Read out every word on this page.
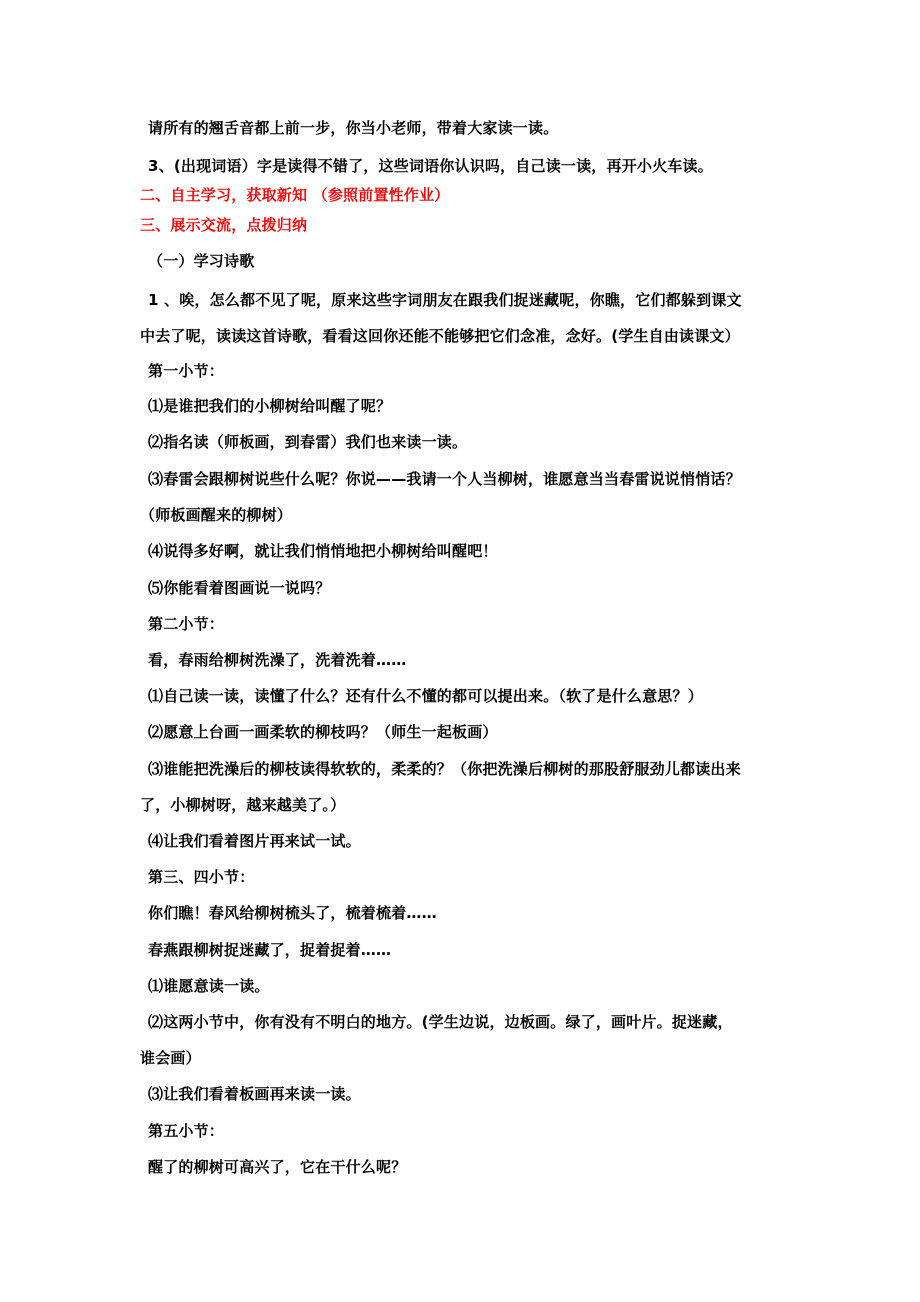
请所有的翘舌音都上前一步，你当小老师，带着大家读一读。
3、(出现词语）字是读得不错了，这些词语你认识吗，自己读一读，再开小火车读。
二、自主学习，获取新知 （参照前置性作业）
三、展示交流，点拨归纳
（一）学习诗歌
1 、唉，怎么都不见了呢，原来这些字词朋友在跟我们捉迷藏呢，你瞧，它们都躲到课文
中去了呢，读读这首诗歌，看看这回你还能不能够把它们念准，念好。(学生自由读课文）
第一小节：
⑴是谁把我们的小柳树给叫醒了呢？
⑵指名读（师板画，到春雷）我们也来读一读。
⑶春雷会跟柳树说些什么呢？你说——我请一个人当柳树，谁愿意当当春雷说说悄悄话？
（师板画醒来的柳树）
⑷说得多好啊，就让我们悄悄地把小柳树给叫醒吧！
⑸你能看着图画说一说吗？
第二小节：
看，春雨给柳树洗澡了，洗着洗着……
⑴自己读一读，读懂了什么？还有什么不懂的都可以提出来。（软了是什么意思？）
⑵愿意上台画一画柔软的柳枝吗？（师生一起板画）
⑶谁能把洗澡后的柳枝读得软软的，柔柔的？（你把洗澡后柳树的那股舒服劲儿都读出来
了，小柳树呀，越来越美了。）
⑷让我们看着图片再来试一试。
第三、四小节：
你们瞧！春风给柳树梳头了，梳着梳着……
春燕跟柳树捉迷藏了，捉着捉着……
⑴谁愿意读一读。
⑵这两小节中，你有没有不明白的地方。(学生边说，边板画。绿了，画叶片。捉迷藏，
谁会画）
⑶让我们看着板画再来读一读。
第五小节：
醒了的柳树可高兴了，它在干什么呢？
